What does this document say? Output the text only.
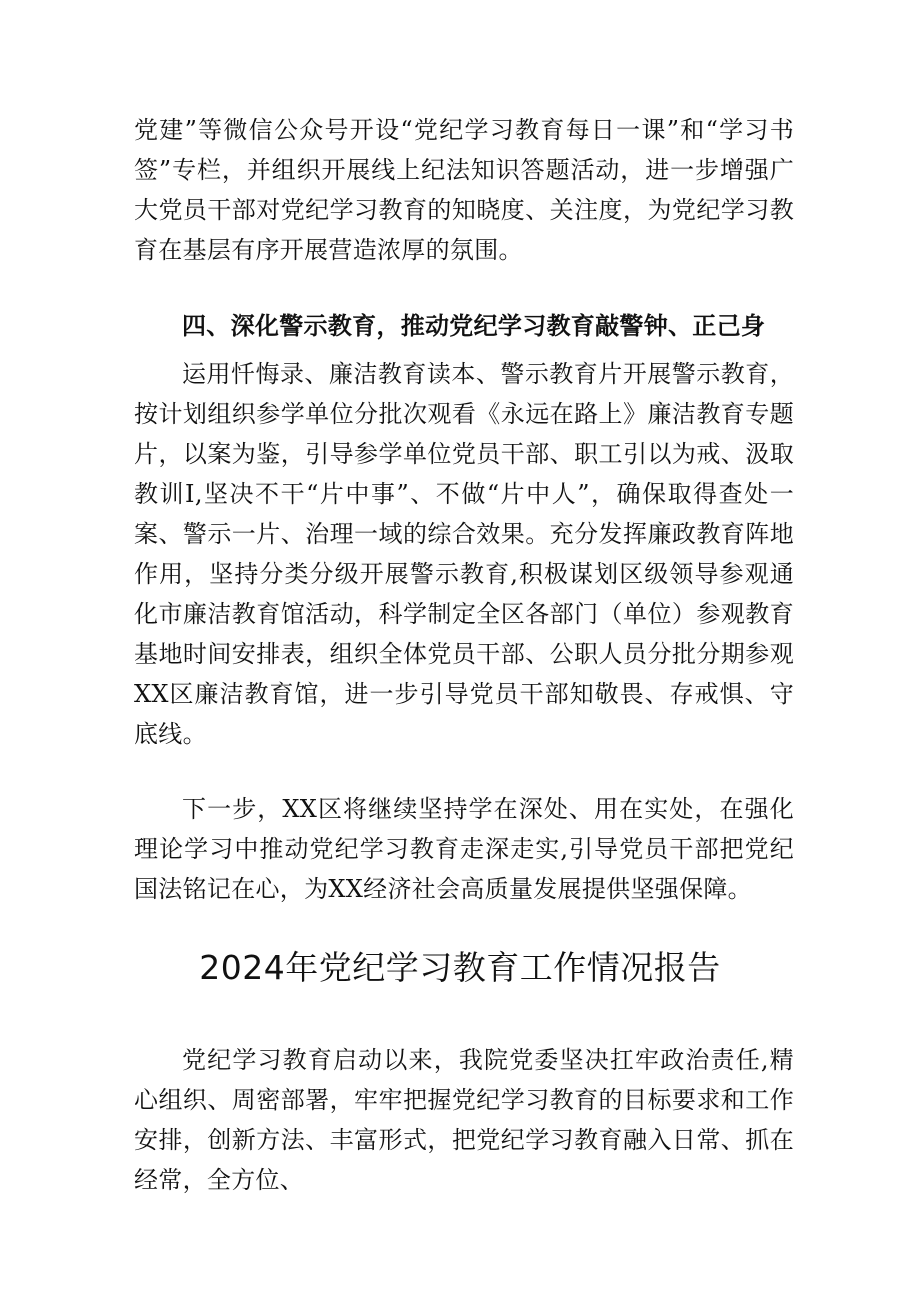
党建”等微信公众号开设“党纪学习教育每日一课”和“学习书签”专栏，并组织开展线上纪法知识答题活动，进一步增强广大党员干部对党纪学习教育的知晓度、关注度，为党纪学习教育在基层有序开展营造浓厚的氛围。

四、深化警示教育，推动党纪学习教育敲警钟、正己身

运用忏悔录、廉洁教育读本、警示教育片开展警示教育，按计划组织参学单位分批次观看《永远在路上》廉洁教育专题片，以案为鉴，引导参学单位党员干部、职工引以为戒、汲取教训I,坚决不干“片中事”、不做“片中人”，确保取得查处一案、警示一片、治理一域的综合效果。充分发挥廉政教育阵地作用，坚持分类分级开展警示教育,积极谋划区级领导参观通化市廉洁教育馆活动，科学制定全区各部门（单位）参观教育基地时间安排表，组织全体党员干部、公职人员分批分期参观XX区廉洁教育馆，进一步引导党员干部知敬畏、存戒惧、守底线。

下一步，XX区将继续坚持学在深处、用在实处，在强化理论学习中推动党纪学习教育走深走实,引导党员干部把党纪国法铭记在心，为XX经济社会高质量发展提供坚强保障。

2024年党纪学习教育工作情况报告

党纪学习教育启动以来，我院党委坚决扛牢政治责任,精心组织、周密部署，牢牢把握党纪学习教育的目标要求和工作安排，创新方法、丰富形式，把党纪学习教育融入日常、抓在经常，全方位、
